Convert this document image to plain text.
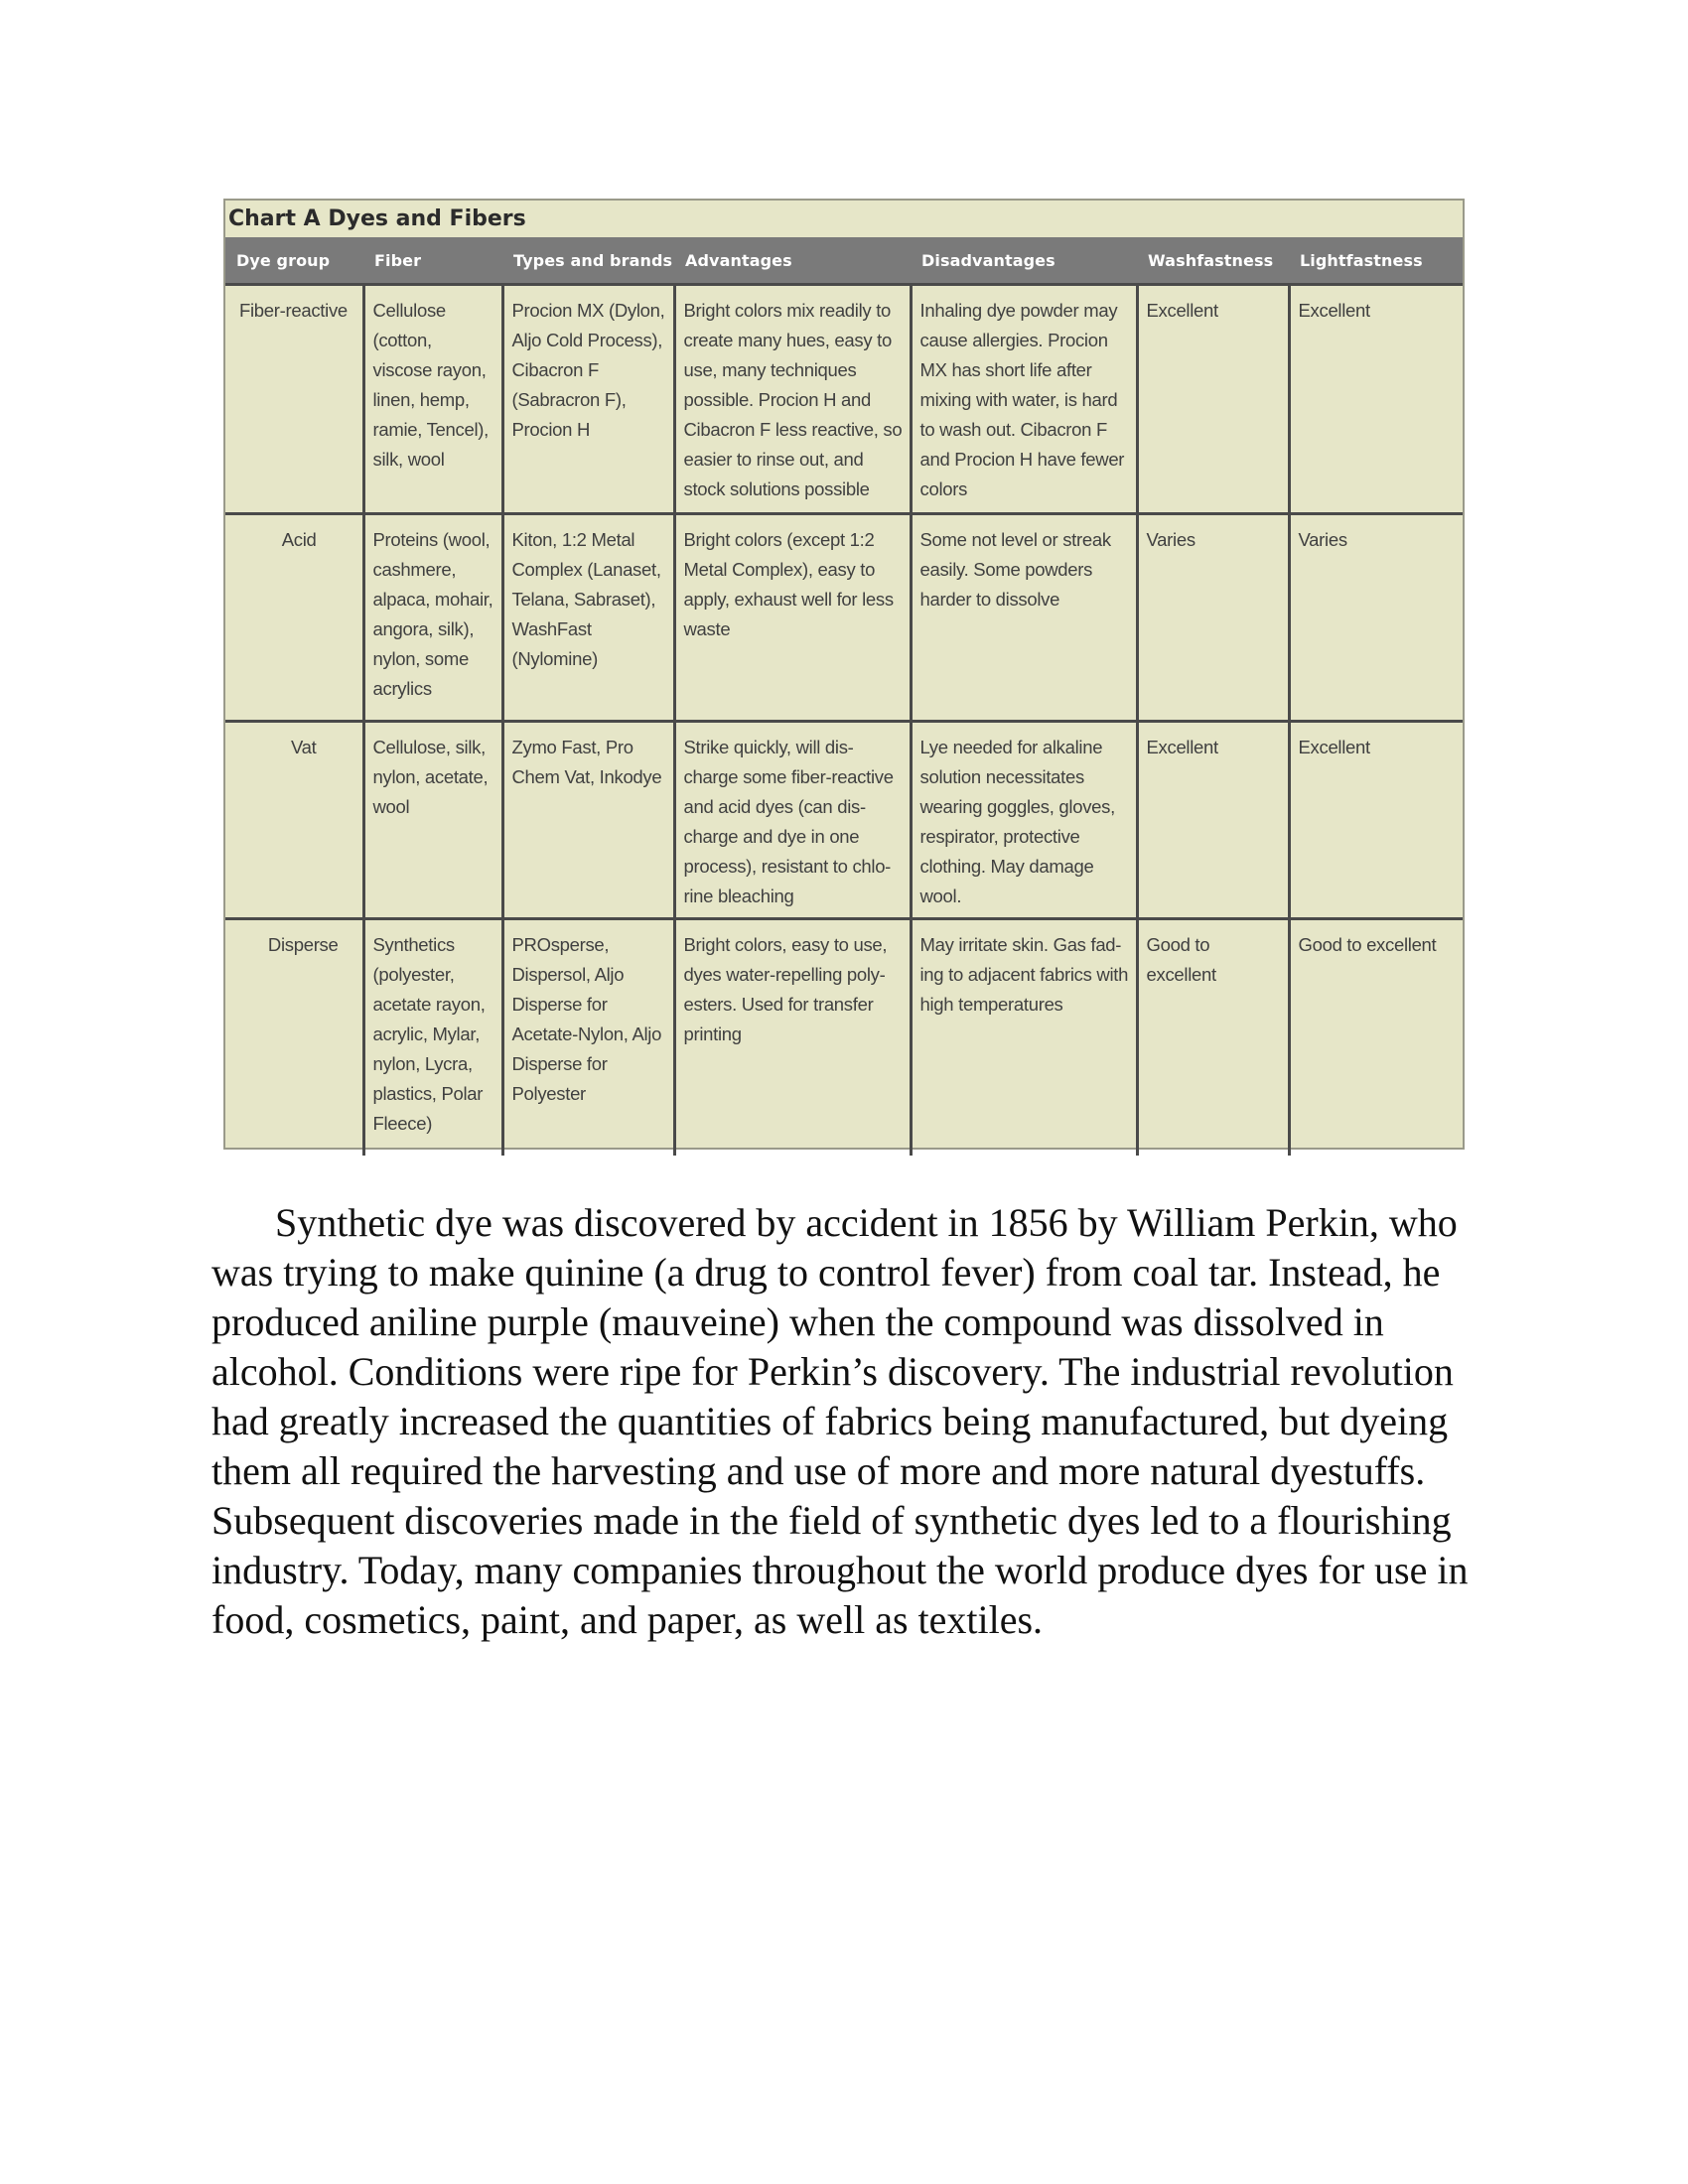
Chart A Dyes and Fibers
Dye group	Fiber	Types and brands	Advantages	Disadvantages	Washfastness	Lightfastness
Fiber-reactive	Cellulose (cotton, viscose rayon, linen, hemp, ramie, Tencel), silk, wool	Procion MX (Dylon, Aljo Cold Process), Cibacron F (Sabracron F), Procion H	Bright colors mix readily to create many hues, easy to use, many techniques possible. Procion H and Cibacron F less reactive, so easier to rinse out, and stock solutions possible	Inhaling dye powder may cause allergies. Procion MX has short life after mixing with water, is hard to wash out. Cibacron F and Procion H have fewer colors	Excellent	Excellent
Acid	Proteins (wool, cashmere, alpaca, mohair, angora, silk), nylon, some acrylics	Kiton, 1:2 Metal Complex (Lanaset, Telana, Sabraset), WashFast (Nylomine)	Bright colors (except 1:2 Metal Complex), easy to apply, exhaust well for less waste	Some not level or streak easily. Some powders harder to dissolve	Varies	Varies
Vat	Cellulose, silk, nylon, acetate, wool	Zymo Fast, Pro Chem Vat, Inkodye	Strike quickly, will dis-charge some fiber-reactive and acid dyes (can dis-charge and dye in one process), resistant to chlo-rine bleaching	Lye needed for alkaline solution necessitates wearing goggles, gloves, respirator, protective clothing. May damage wool.	Excellent	Excellent
Disperse	Synthetics (polyester, acetate rayon, acrylic, Mylar, nylon, Lycra, plastics, Polar Fleece)	PROsperse, Dispersol, Aljo Disperse for Acetate-Nylon, Aljo Disperse for Polyester	Bright colors, easy to use, dyes water-repelling poly-esters. Used for transfer printing	May irritate skin. Gas fad-ing to adjacent fabrics with high temperatures	Good to excellent	Good to excellent

Synthetic dye was discovered by accident in 1856 by William Perkin, who was trying to make quinine (a drug to control fever) from coal tar. Instead, he produced aniline purple (mauveine) when the compound was dissolved in alcohol. Conditions were ripe for Perkin’s discovery. The industrial revolution had greatly increased the quantities of fabrics being manufactured, but dyeing them all required the harvesting and use of more and more natural dyestuffs. Subsequent discoveries made in the field of synthetic dyes led to a flourishing industry. Today, many companies throughout the world produce dyes for use in food, cosmetics, paint, and paper, as well as textiles.
